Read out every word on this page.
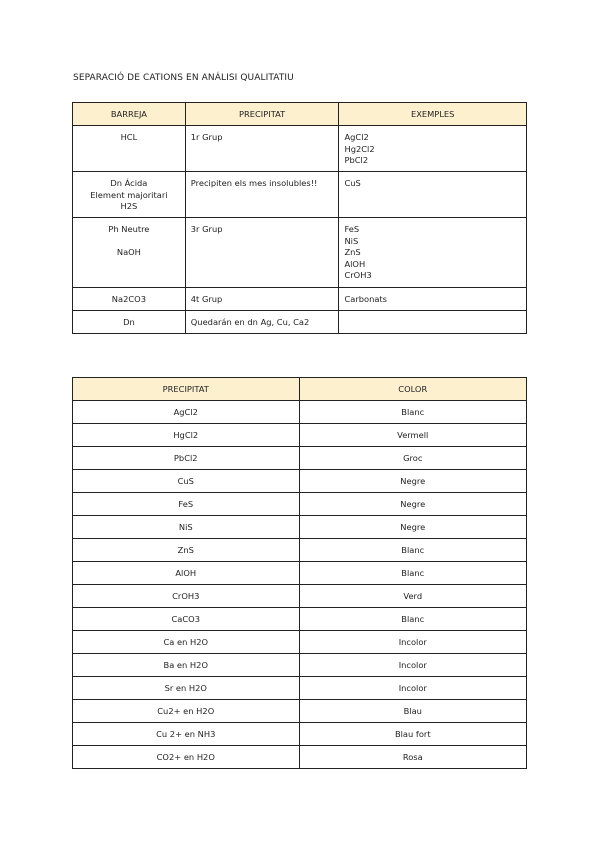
SEPARACIÓ DE CATIONS EN ANÁLISI QUALITATIU
BARREJA	PRECIPITAT	EXEMPLES

HCL	1r Grup	AgCl2
Hg2Cl2
PbCl2

Dn Ácida
Element majoritari
H2S	Precipiten els mes insolubles!!	CuS

Ph Neutre
NaOH	3r Grup	FeS
NiS
ZnS
AlOH
CrOH3

Na2CO3	4t Grup	Carbonats

Dn	Quedarán en dn Ag, Cu, Ca2	

PRECIPITAT	COLOR
AgCl2	Blanc
HgCl2	Vermell
PbCl2	Groc
CuS	Negre
FeS	Negre
NiS	Negre
ZnS	Blanc
AlOH	Blanc
CrOH3	Verd
CaCO3	Blanc
Ca en H2O	Incolor
Ba en H2O	Incolor
Sr en H2O	Incolor
Cu2+ en H2O	Blau
Cu 2+ en NH3	Blau fort
CO2+ en H2O	Rosa
